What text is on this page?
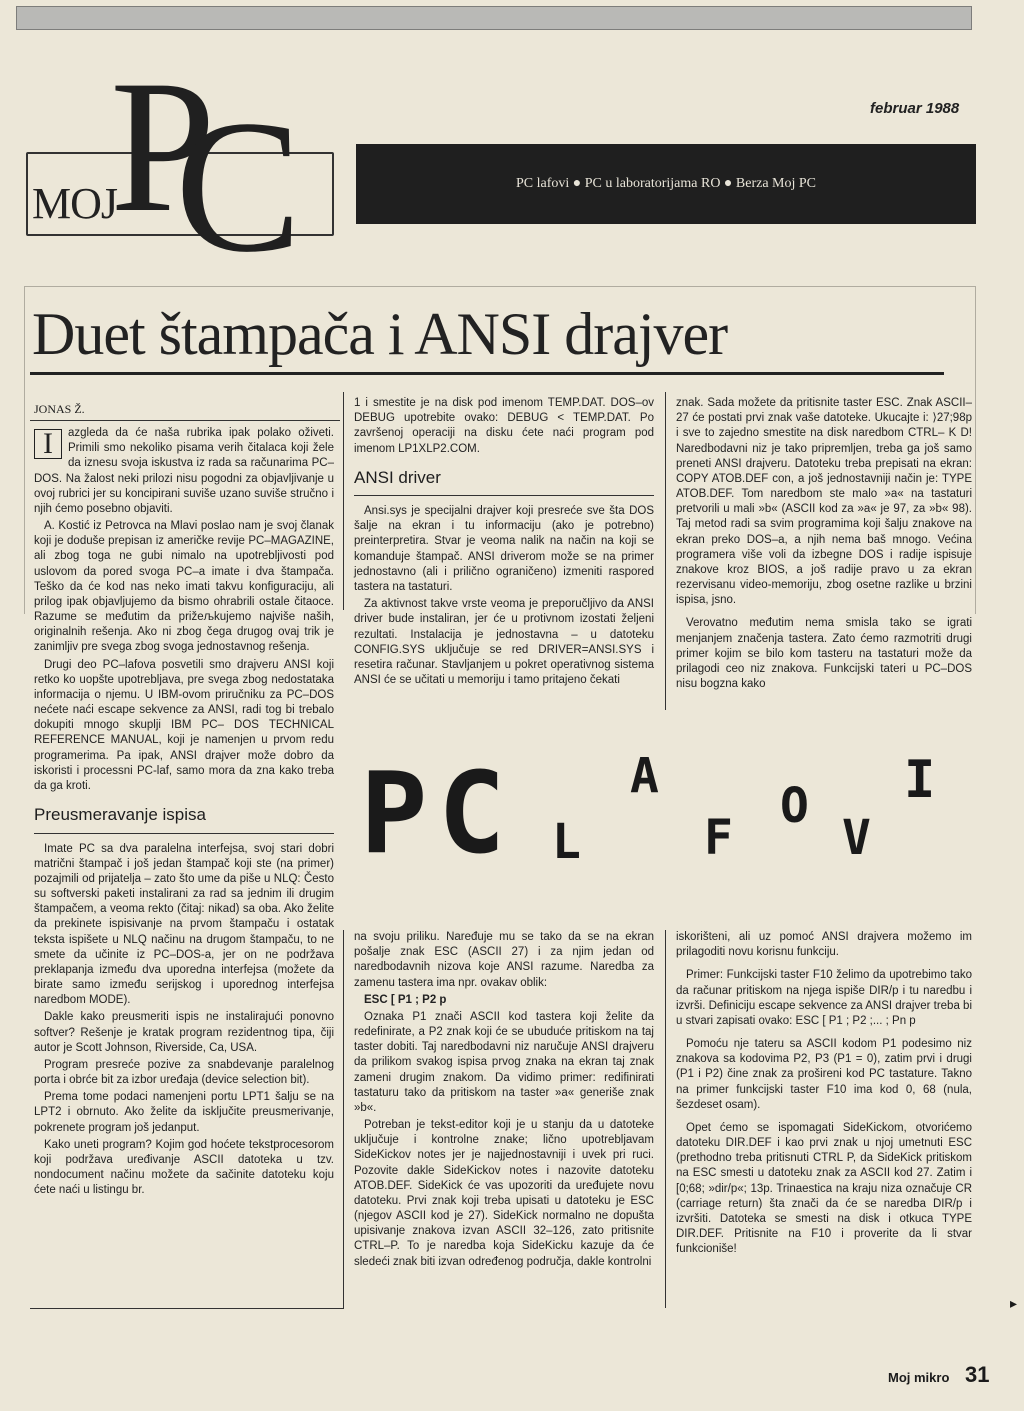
februar 1988
P
C
MOJ	PC lafovi ● PC u laboratoriјama RO ● Berza Moj PC
Duet štampača i ANSI drajver
JONAS Ž.

I	azgleda da će naša rubrika ipak polako oživeti. Primili smo nekoliko pisama verih čitalaca koji žele da iznesu svoja iskustva iz rada sa računarima PC–DOS. Na žalost neki prilozi nisu pogodni za objavljivanje u ovoj rubrici jer su koncipirani suviše uzano suviše stručno i njih ćemo posebno objaviti.

A. Kostić iz Petrovca na Mlavi poslao nam je svoj članak koji je doduše prepisan iz američke revije PC–MAGAZINE, ali zbog toga ne gubi nimalo na upotrebljivosti pod uslovom da pored svoga PC–a imate i dva štampača. Teško da će kod nas neko imati takvu konfiguraciju, ali prilog ipak objavljujemo da bismo ohrabrili ostale čitaoce. Razume se međutim da prižeљkujemo najviše naših, originalnih rešenja. Ako ni zbog čega drugog ovaj trik je zanimljiv pre svega zbog svoga jednostavnog rešenja.

Drugi deo PC–lafova posvetili smo drajveru ANSI koji retko ko uopšte upotrebljava, pre svega zbog nedostataka informacija o njemu. U IBM-ovom priručniku za PC–DOS nećete naći escape sekvence za ANSI, radi tog bi trebalo dokupiti mnogo skuplji IBM PC– DOS TECHNICAL REFERENCE MANUAL, koji je namenjen u prvom redu programerima. Pa ipak, ANSI drajver može dobro da iskoristi i processni PC-laf, samo mora da zna kako treba da ga kroti.

Preusmeravanje ispisa

Imate PC sa dva paralelna interfejsa, svoj stari dobri matrični štampač i još jedan štampač koji ste (na primer) pozajmili od prijatelja – zato što ume da piše u NLQ: Često su softverski paketi instalirani za rad sa jednim ili drugim štampačem, a veoma rekto (čitaj: nikad) sa oba. Ako želite da prekinete ispisivanje na prvom štampaču i ostatak teksta ispišete u NLQ načinu na drugom štampaču, to ne smete da učinite iz PC–DOS-a, jer on ne podržava preklapanja između dva uporedna interfejsa (možete da birate samo između serijskog i uporednog interfejsa naredbom MODE).

Dakle kako preusmeriti ispis ne instalirajući ponovno softver? Rešenje je kratak program rezidentnog tipa, čiji autor je Scott Johnson, Riverside, Ca, USA.

Program presreće pozive za snabdevanje paralelnog porta i obrće bit za izbor uređaja (device selection bit).

Prema tome podaci namenjeni portu LPT1 šalju se na LPT2 i obrnuto. Ako želite da isključite preusmerivanje, pokrenete program još jedanput.

Kako uneti program? Kojim god hoćete tekstprocesorom koji podržava uređivanje ASCII datoteka u tzv. nondocument načinu možete da sačinite datoteku koju ćete naći u listingu br.

1 i smestite je na disk pod imenom TEMP.DAT. DOS–ov DEBUG upotrebite ovako: DEBUG < TEMP.DAT. Po završenoj operaciji na disku ćete naći program pod imenom LP1XLP2.COM.

ANSI driver

Ansi.sys je specijalni drajver koji presreće sve šta DOS šalje na ekran i tu informaciju (ako je potrebno) preinterpretira. Stvar je veoma nalik na način na koji se komanduje štampač. ANSI driverom može se na primer jednostavno (ali i prilično ograničeno) izmeniti raspored tastera na tastaturi.

Za aktivnost takve vrste veoma je preporučljivo da ANSI driver bude instaliran, jer će u protivnom izostati željeni rezultati. Instalacija je jednostavna – u datoteku CONFIG.SYS uključuje se red DRIVER=ANSI.SYS i resetira računar. Stavljanjem u pokret operativnog sistema ANSI će se učitati u memoriju i tamo pritajeno čekati

znak. Sada možete da pritisnite taster ESC. Znak ASCII–27 će postati prvi znak vaše datoteke. Ukucajte i: ⟩27;98p i sve to zajedno smestite na disk naredbom CTRL– K D! Naredbodavni niz je tako pripremljen, treba ga još samo preneti ANSI drajveru. Datoteku treba prepisati na ekran: COPY ATOB.DEF con, a još jednostavniji način je: TYPE ATOB.DEF. Tom naredbom ste malo »a« na tastaturi pretvorili u mali »b« (ASCII kod za »a« je 97, za »b« 98). Taj metod radi sa svim programima koji šalju znakove na ekran preko DOS–a, a njih nema baš mnogo. Većina programera više voli da izbegne DOS i radije ispisuje znakove kroz BIOS, a još radije pravo u za ekran rezervisanu video-memoriju, zbog osetne razlike u brzini ispisa, jsno.

Verovatno međutim nema smisla tako se igrati menjanjem značenja tastera. Zato ćemo razmotriti drugi primer kojim se bilo kom tasteru na tastaturi može da prilagodi ceo niz znakova. Funkcijski tateri u PC–DOS nisu bogzna kako

P C L
A
F
O
V
I

na svoju priliku. Naređuje mu se tako da se na ekran pošalje znak ESC (ASCII 27) i za njim jedan od naredbodavnih nizova koje ANSI razume. Naredba za zamenu tastera ima npr. ovakav oblik:

ESC [ P1 ; P2 p

Oznaka P1 znači ASCII kod tastera koji želite da redefinirate, a P2 znak koji će se ubuduće pritiskom na taj taster dobiti. Taj naredbodavni niz naručuje ANSI drajveru da prilikom svakog ispisa prvog znaka na ekran taj znak zameni drugim znakom. Da vidimo primer: redifinirati tastaturu tako da pritiskom na taster »a« generiše znak »b«.

Potreban je tekst-editor koji je u stanju da u datoteke uključuje i kontrolne znake; lično upotrebljavam SideKickov notes jer je najjednostavniji i uvek pri ruci. Pozovite dakle SideKickov notes i nazovite datoteku ATOB.DEF. SideKick će vas upozoriti da uređujete novu datoteku. Prvi znak koji treba upisati u datoteku je ESC (njegov ASCII kod je 27). SideKick normalno ne dopušta upisivanje znakova izvan ASCII 32–126, zato pritisnite CTRL–P. To je naredba koja SideKicku kazuje da će sledeći znak biti izvan određenog područja, dakle kontrolni

iskorišteni, ali uz pomoć ANSI drajvera možemo im prilagoditi novu korisnu funkciju.

Primer: Funkcijski taster F10 želimo da upotrebimo tako da računar pritiskom na njega ispiše DIR/p i tu naredbu i izvrši. Definiciju escape sekvence za ANSI drajver treba bi u stvari zapisati ovako: ESC [ P1 ; P2 ;... ; Pn p

Pomoću nje tateru sa ASCII kodom P1 podesimo niz znakova sa kodovima P2, P3 (P1 = 0), zatim prvi i drugi (P1 i P2) čine znak za prošireni kod PC tastature. Takno na primer funkcijski taster F10 ima kod 0, 68 (nula, šezdeset osam).

Opet ćemo se ispomagati SideKickom, otvorićemo datoteku DIR.DEF i kao prvi znak u njoj umetnuti ESC (prethodno treba pritisnuti CTRL P, da SideKick pritiskom na ESC smesti u datoteku znak za ASCII kod 27. Zatim i [0;68; »dir/p«; 13p. Trinaestica na kraju niza označuje CR (carriage return) šta znači da će se naredba DIR/p i izvršiti. Datoteka se smesti na disk i otkuca TYPE DIR.DEF. Pritisnite na F10 i proverite da li stvar funkcioniše!

▸
Moj mikro 31
